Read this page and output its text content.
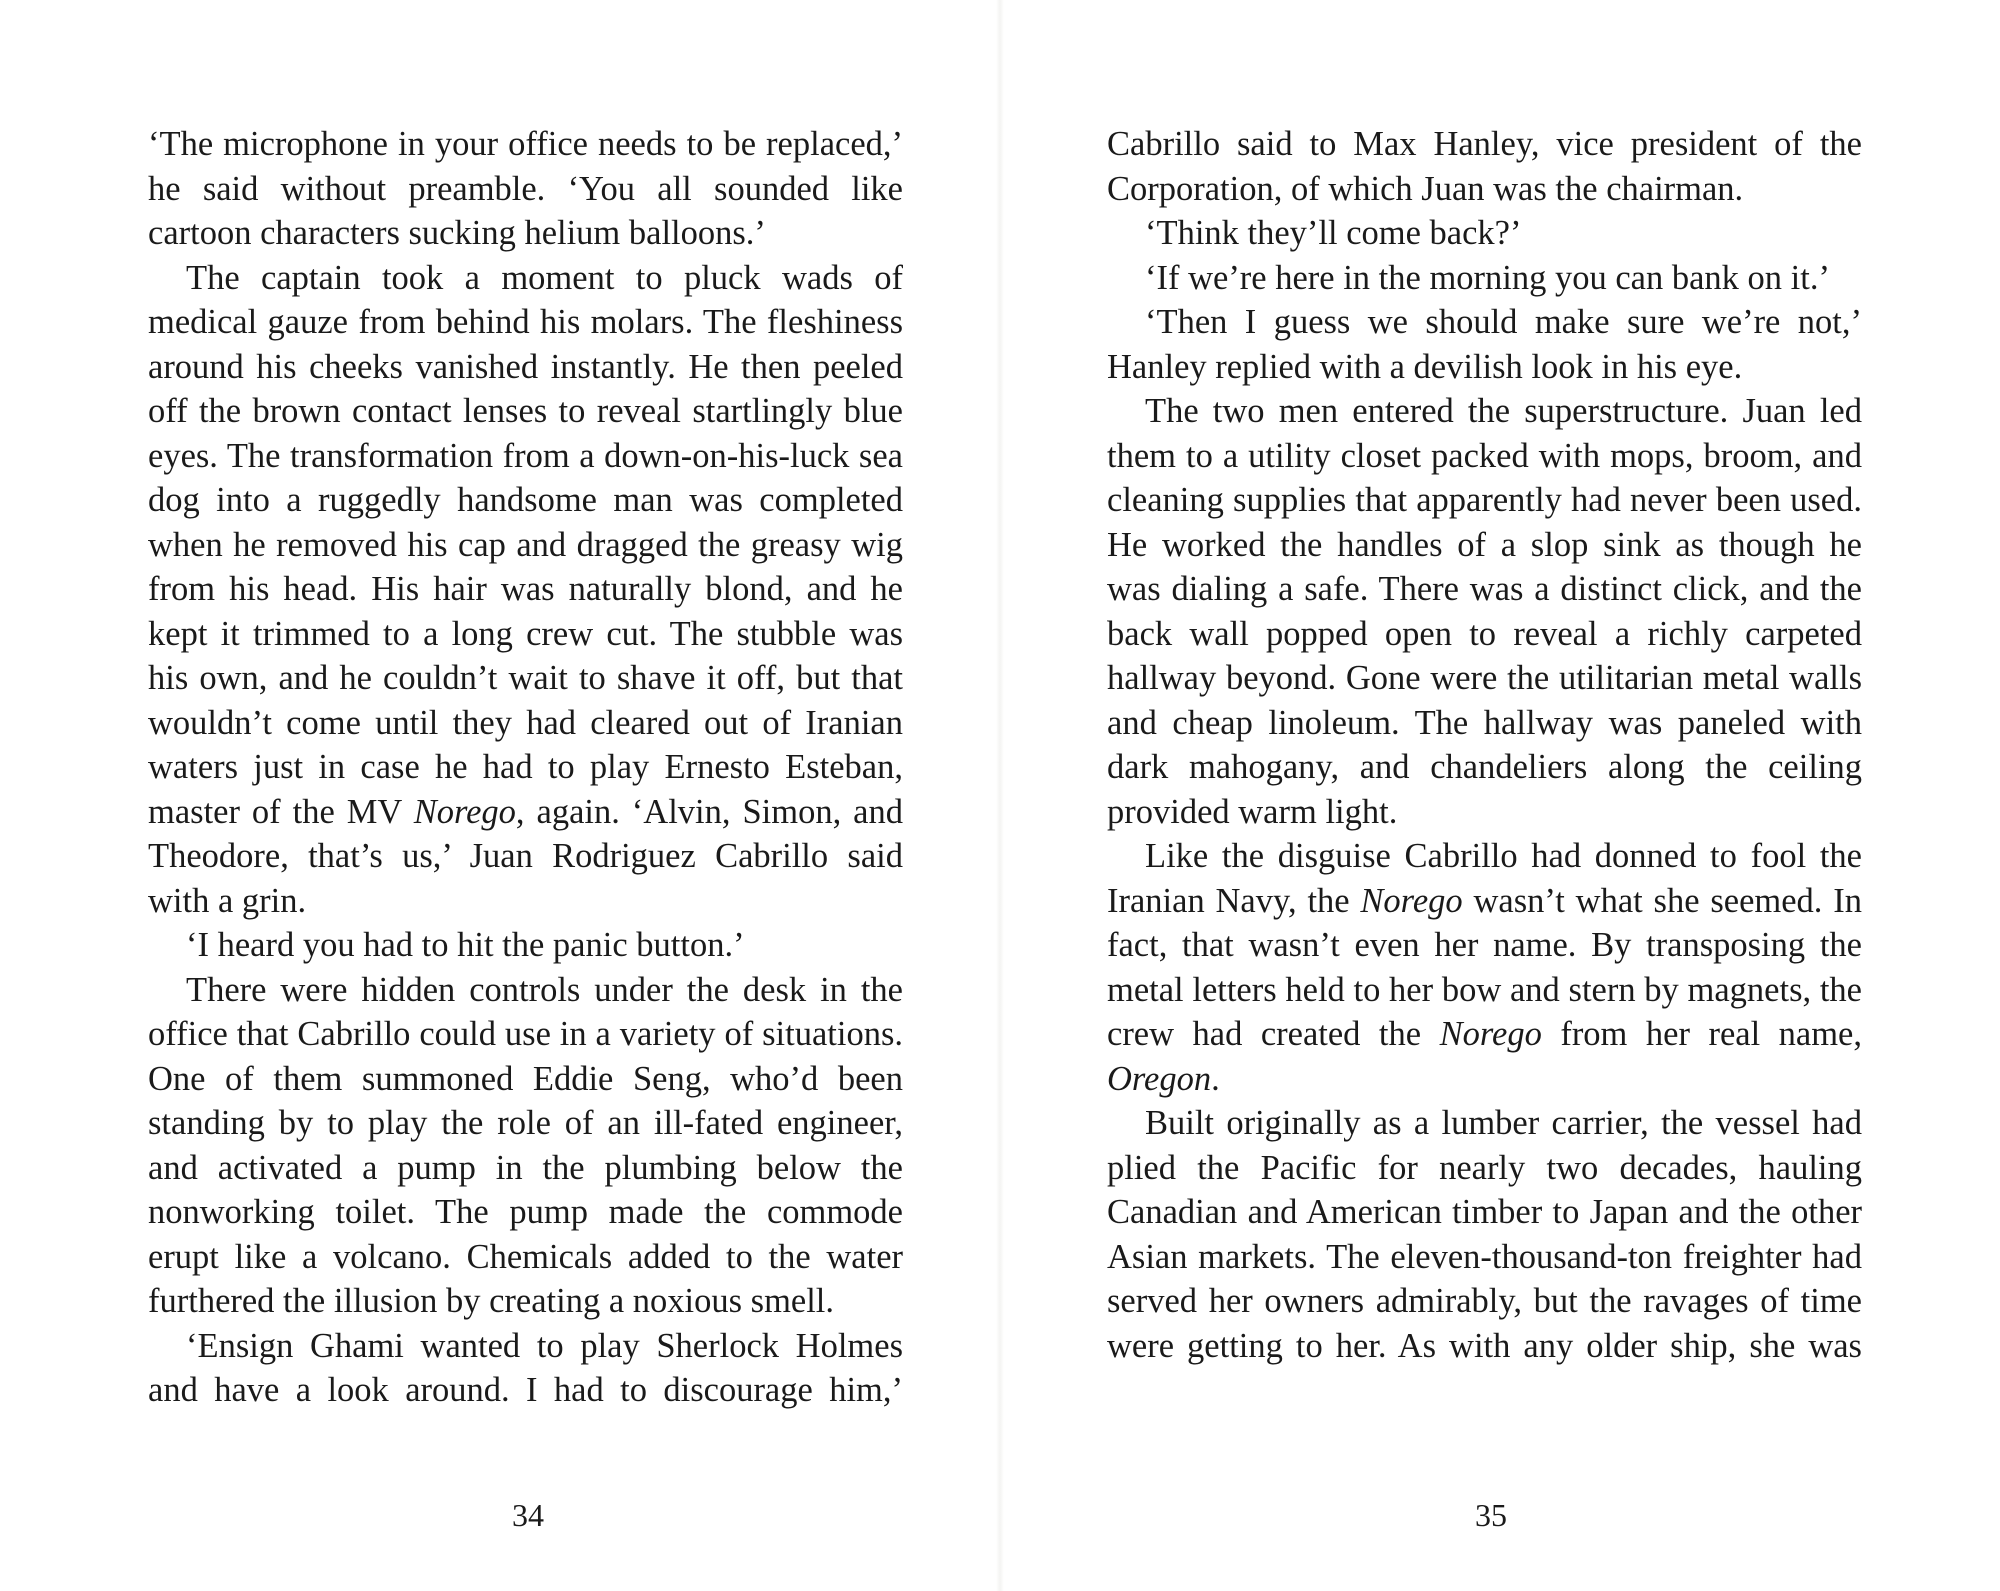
‘The microphone in your office needs to be replaced,’ he said without preamble. ‘You all sounded like cartoon characters sucking helium balloons.’

The captain took a moment to pluck wads of medical gauze from behind his molars. The fleshiness around his cheeks vanished instantly. He then peeled off the brown contact lenses to reveal startlingly blue eyes. The transformation from a down-on-his-luck sea dog into a ruggedly handsome man was completed when he removed his cap and dragged the greasy wig from his head. His hair was naturally blond, and he kept it trimmed to a long crew cut. The stubble was his own, and he couldn’t wait to shave it off, but that wouldn’t come until they had cleared out of Iranian waters just in case he had to play Ernesto Esteban, master of the MV Norego, again. ‘Alvin, Simon, and Theodore, that’s us,’ Juan Rodriguez Cabrillo said with a grin.

‘I heard you had to hit the panic button.’

There were hidden controls under the desk in the office that Cabrillo could use in a variety of situations. One of them summoned Eddie Seng, who’d been standing by to play the role of an ill-fated engineer, and activated a pump in the plumbing below the nonworking toilet. The pump made the commode erupt like a volcano. Chemicals added to the water furthered the illusion by creating a noxious smell.

‘Ensign Ghami wanted to play Sherlock Holmes and have a look around. I had to discourage him,’

34

Cabrillo said to Max Hanley, vice president of the Corporation, of which Juan was the chairman.

‘Think they’ll come back?’

‘If we’re here in the morning you can bank on it.’

‘Then I guess we should make sure we’re not,’ Hanley replied with a devilish look in his eye.

The two men entered the superstructure. Juan led them to a utility closet packed with mops, broom, and cleaning supplies that apparently had never been used. He worked the handles of a slop sink as though he was dialing a safe. There was a distinct click, and the back wall popped open to reveal a richly carpeted hallway beyond. Gone were the utilitarian metal walls and cheap linoleum. The hallway was paneled with dark mahogany, and chandeliers along the ceiling provided warm light.

Like the disguise Cabrillo had donned to fool the Iranian Navy, the Norego wasn’t what she seemed. In fact, that wasn’t even her name. By transposing the metal letters held to her bow and stern by magnets, the crew had created the Norego from her real name, Oregon.

Built originally as a lumber carrier, the vessel had plied the Pacific for nearly two decades, hauling Canadian and American timber to Japan and the other Asian markets. The eleven-thousand-ton freighter had served her owners admirably, but the ravages of time were getting to her. As with any older ship, she was

35
